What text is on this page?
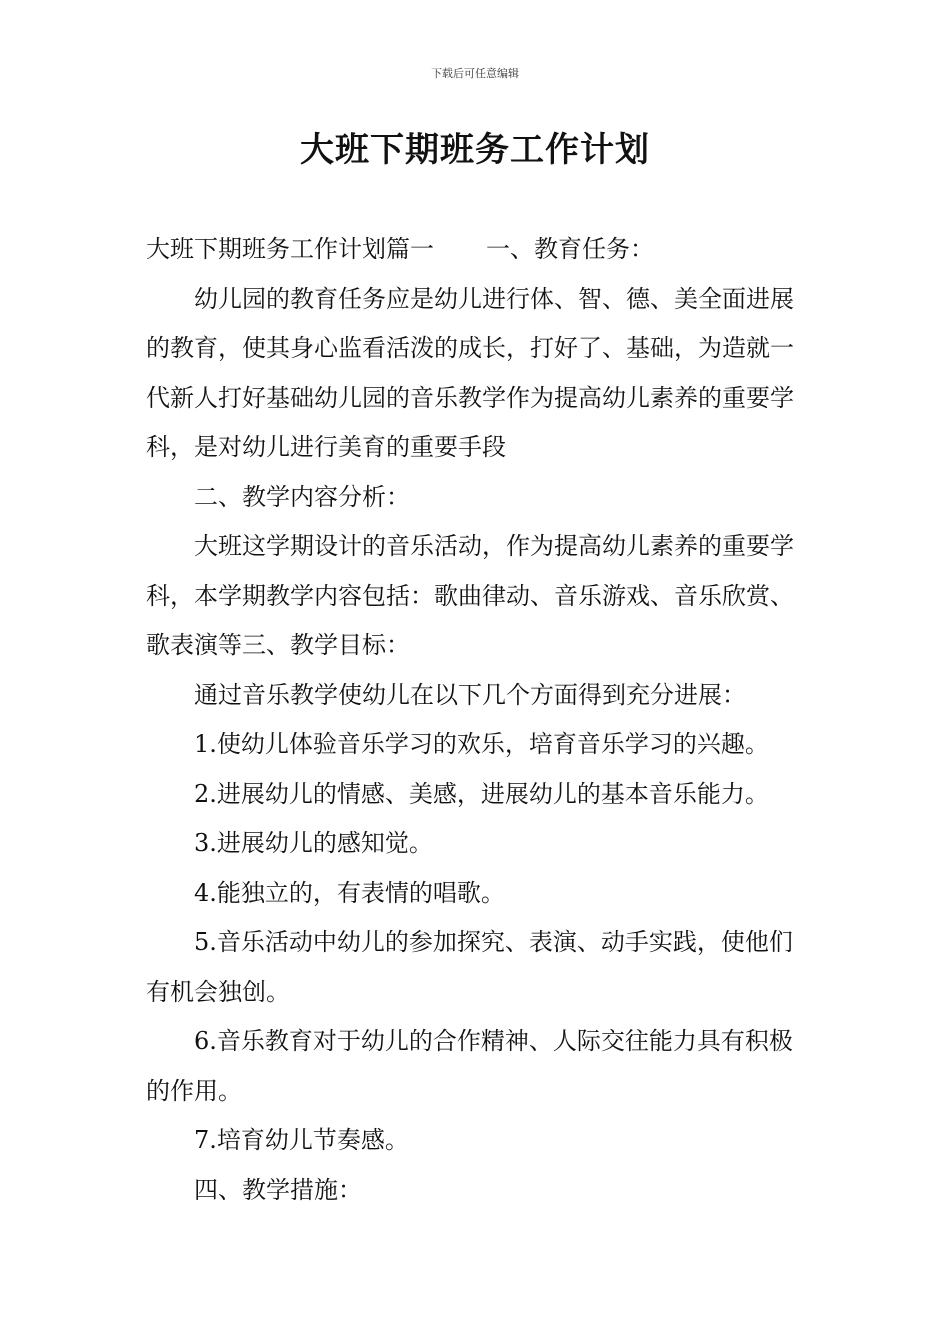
下载后可任意编辑
大班下期班务工作计划

大班下期班务工作计划篇一 一、教育任务：

幼儿园的教育任务应是幼儿进行体、智、德、美全面进展的教育，使其身心监看活泼的成长，打好了、基础，为造就一代新人打好基础幼儿园的音乐教学作为提高幼儿素养的重要学科，是对幼儿进行美育的重要手段

二、教学内容分析：

大班这学期设计的音乐活动，作为提高幼儿素养的重要学科，本学期教学内容包括：歌曲律动、音乐游戏、音乐欣赏、歌表演等三、教学目标：

通过音乐教学使幼儿在以下几个方面得到充分进展：

1.使幼儿体验音乐学习的欢乐，培育音乐学习的兴趣。

2.进展幼儿的情感、美感，进展幼儿的基本音乐能力。

3.进展幼儿的感知觉。

4.能独立的，有表情的唱歌。

5.音乐活动中幼儿的参加探究、表演、动手实践，使他们有机会独创。

6.音乐教育对于幼儿的合作精神、人际交往能力具有积极的作用。

7.培育幼儿节奏感。

四、教学措施：
